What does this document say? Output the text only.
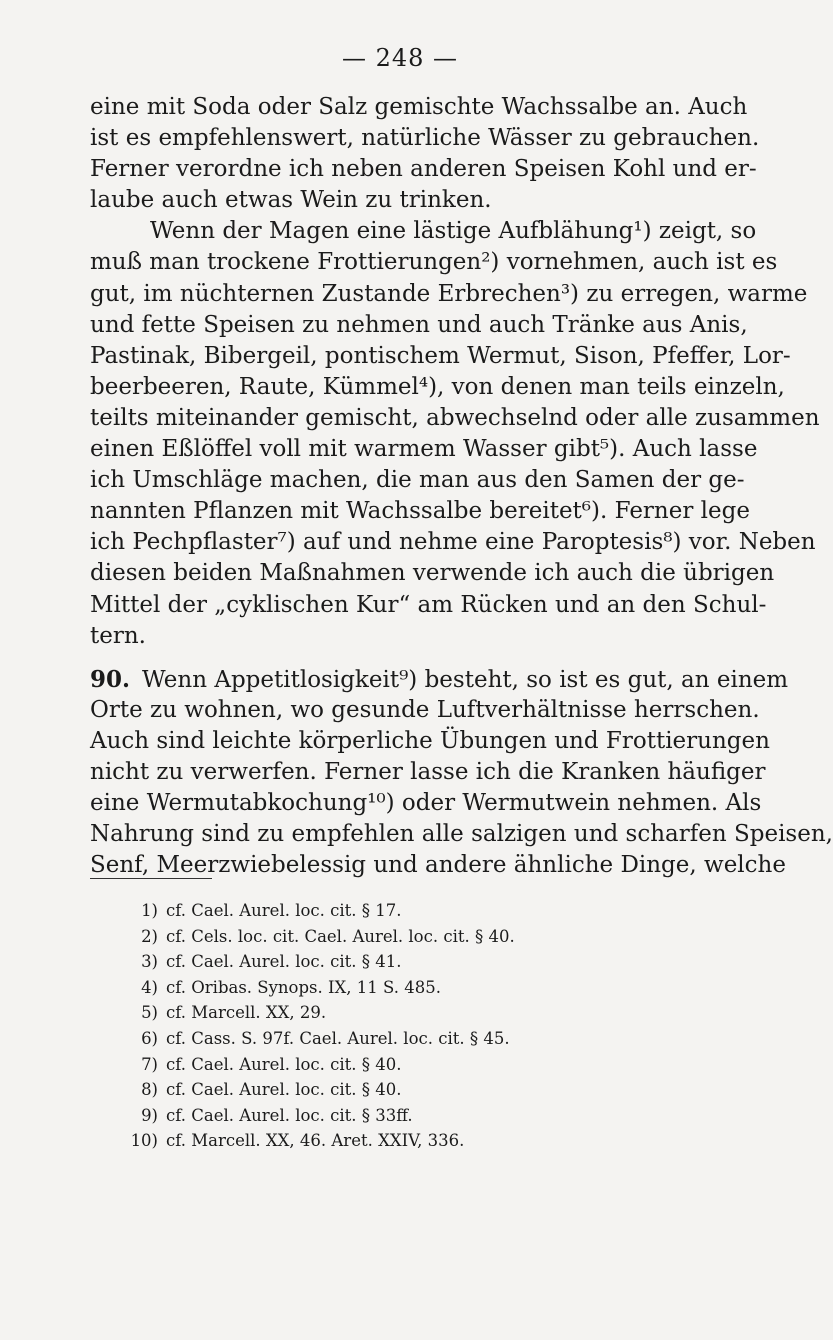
— 248 —
eine mit Soda oder Salz gemischte Wachssalbe an. Auch
ist es empfehlenswert, natürliche Wässer zu gebrauchen.
Ferner verordne ich neben anderen Speisen Kohl und er-
laube auch etwas Wein zu trinken.
Wenn der Magen eine lästige Aufblähung¹) zeigt, so
muß man trockene Frottierungen²) vornehmen, auch ist es
gut, im nüchternen Zustande Erbrechen³) zu erregen, warme
und fette Speisen zu nehmen und auch Tränke aus Anis,
Pastinak, Bibergeil, pontischem Wermut, Sison, Pfeffer, Lor-
beerbeeren, Raute, Kümmel⁴), von denen man teils einzeln,
teilts miteinander gemischt, abwechselnd oder alle zusammen
einen Eßlöffel voll mit warmem Wasser gibt⁵). Auch lasse
ich Umschläge machen, die man aus den Samen der ge-
nannten Pflanzen mit Wachssalbe bereitet⁶). Ferner lege
ich Pechpflaster⁷) auf und nehme eine Paroptesis⁸) vor. Neben
diesen beiden Maßnahmen verwende ich auch die übrigen
Mittel der „cyklischen Kur“ am Rücken und an den Schul-
tern.
90. Wenn Appetitlosigkeit⁹) besteht, so ist es gut, an einem
Orte zu wohnen, wo gesunde Luftverhältnisse herrschen.
Auch sind leichte körperliche Übungen und Frottierungen
nicht zu verwerfen. Ferner lasse ich die Kranken häufiger
eine Wermutabkochung¹⁰) oder Wermutwein nehmen. Als
Nahrung sind zu empfehlen alle salzigen und scharfen Speisen,
Senf, Meerzwiebelessig und andere ähnliche Dinge, welche
1) cf. Cael. Aurel. loc. cit. § 17.
2) cf. Cels. loc. cit. Cael. Aurel. loc. cit. § 40.
3) cf. Cael. Aurel. loc. cit. § 41.
4) cf. Oribas. Synops. IX, 11 S. 485.
5) cf. Marcell. XX, 29.
6) cf. Cass. S. 97f. Cael. Aurel. loc. cit. § 45.
7) cf. Cael. Aurel. loc. cit. § 40.
8) cf. Cael. Aurel. loc. cit. § 40.
9) cf. Cael. Aurel. loc. cit. § 33ff.
10) cf. Marcell. XX, 46. Aret. XXIV, 336.
